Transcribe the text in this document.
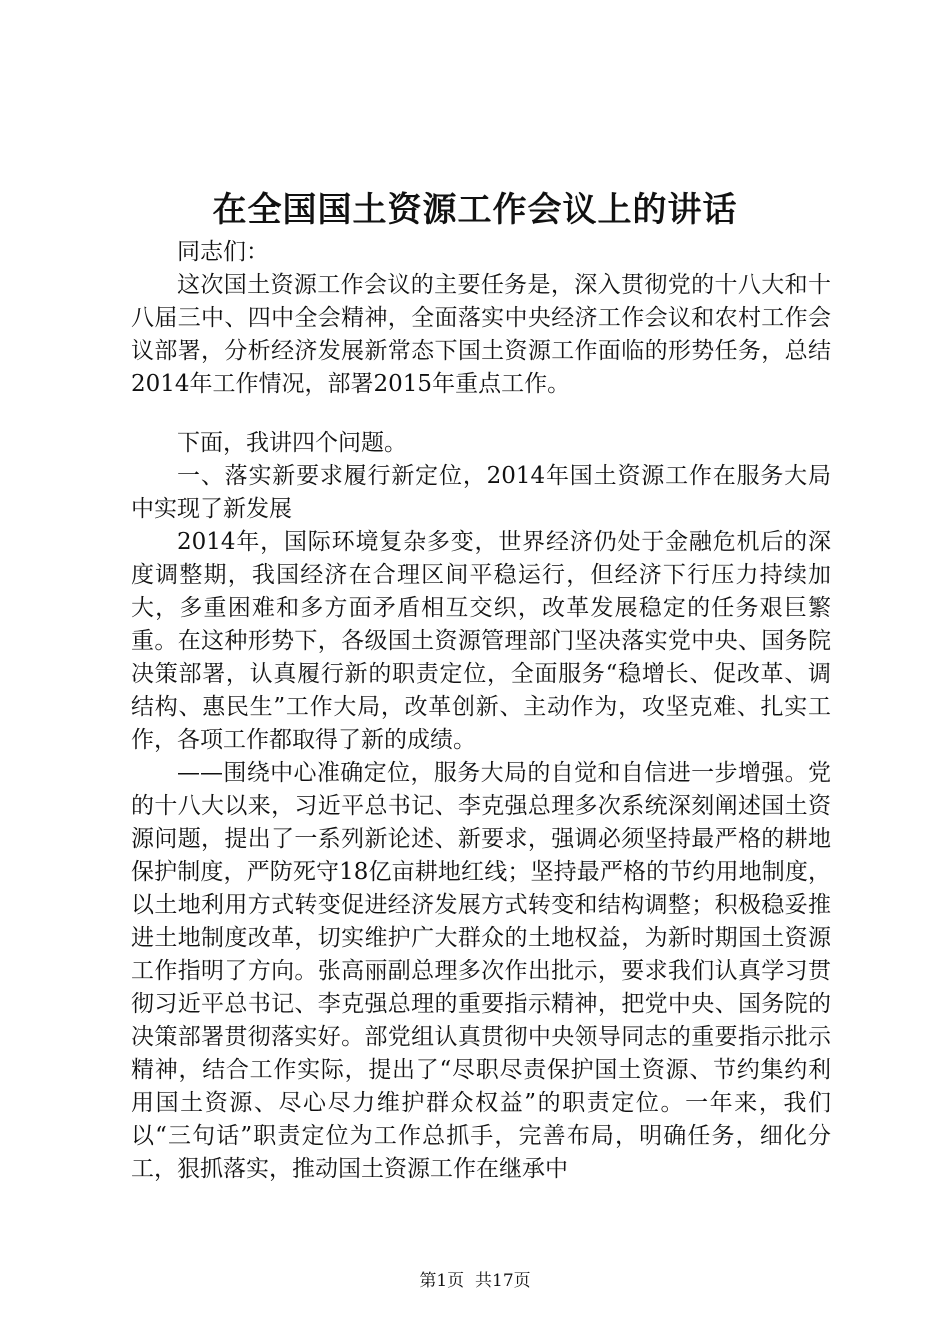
在全国国土资源工作会议上的讲话

同志们：

这次国土资源工作会议的主要任务是，深入贯彻党的十八大和十八届三中、四中全会精神，全面落实中央经济工作会议和农村工作会议部署，分析经济发展新常态下国土资源工作面临的形势任务，总结2014年工作情况，部署2015年重点工作。

下面，我讲四个问题。

一、落实新要求履行新定位，2014年国土资源工作在服务大局中实现了新发展

2014年，国际环境复杂多变，世界经济仍处于金融危机后的深度调整期，我国经济在合理区间平稳运行，但经济下行压力持续加大，多重困难和多方面矛盾相互交织，改革发展稳定的任务艰巨繁重。在这种形势下，各级国土资源管理部门坚决落实党中央、国务院决策部署，认真履行新的职责定位，全面服务“稳增长、促改革、调结构、惠民生”工作大局，改革创新、主动作为，攻坚克难、扎实工作，各项工作都取得了新的成绩。

——围绕中心准确定位，服务大局的自觉和自信进一步增强。党的十八大以来，习近平总书记、李克强总理多次系统深刻阐述国土资源问题，提出了一系列新论述、新要求，强调必须坚持最严格的耕地保护制度，严防死守18亿亩耕地红线；坚持最严格的节约用地制度，以土地利用方式转变促进经济发展方式转变和结构调整；积极稳妥推进土地制度改革，切实维护广大群众的土地权益，为新时期国土资源工作指明了方向。张高丽副总理多次作出批示，要求我们认真学习贯彻习近平总书记、李克强总理的重要指示精神，把党中央、国务院的决策部署贯彻落实好。部党组认真贯彻中央领导同志的重要指示批示精神，结合工作实际，提出了“尽职尽责保护国土资源、节约集约利用国土资源、尽心尽力维护群众权益”的职责定位。一年来，我们以“三句话”职责定位为工作总抓手，完善布局，明确任务，细化分工，狠抓落实，推动国土资源工作在继承中

第1页 共17页
